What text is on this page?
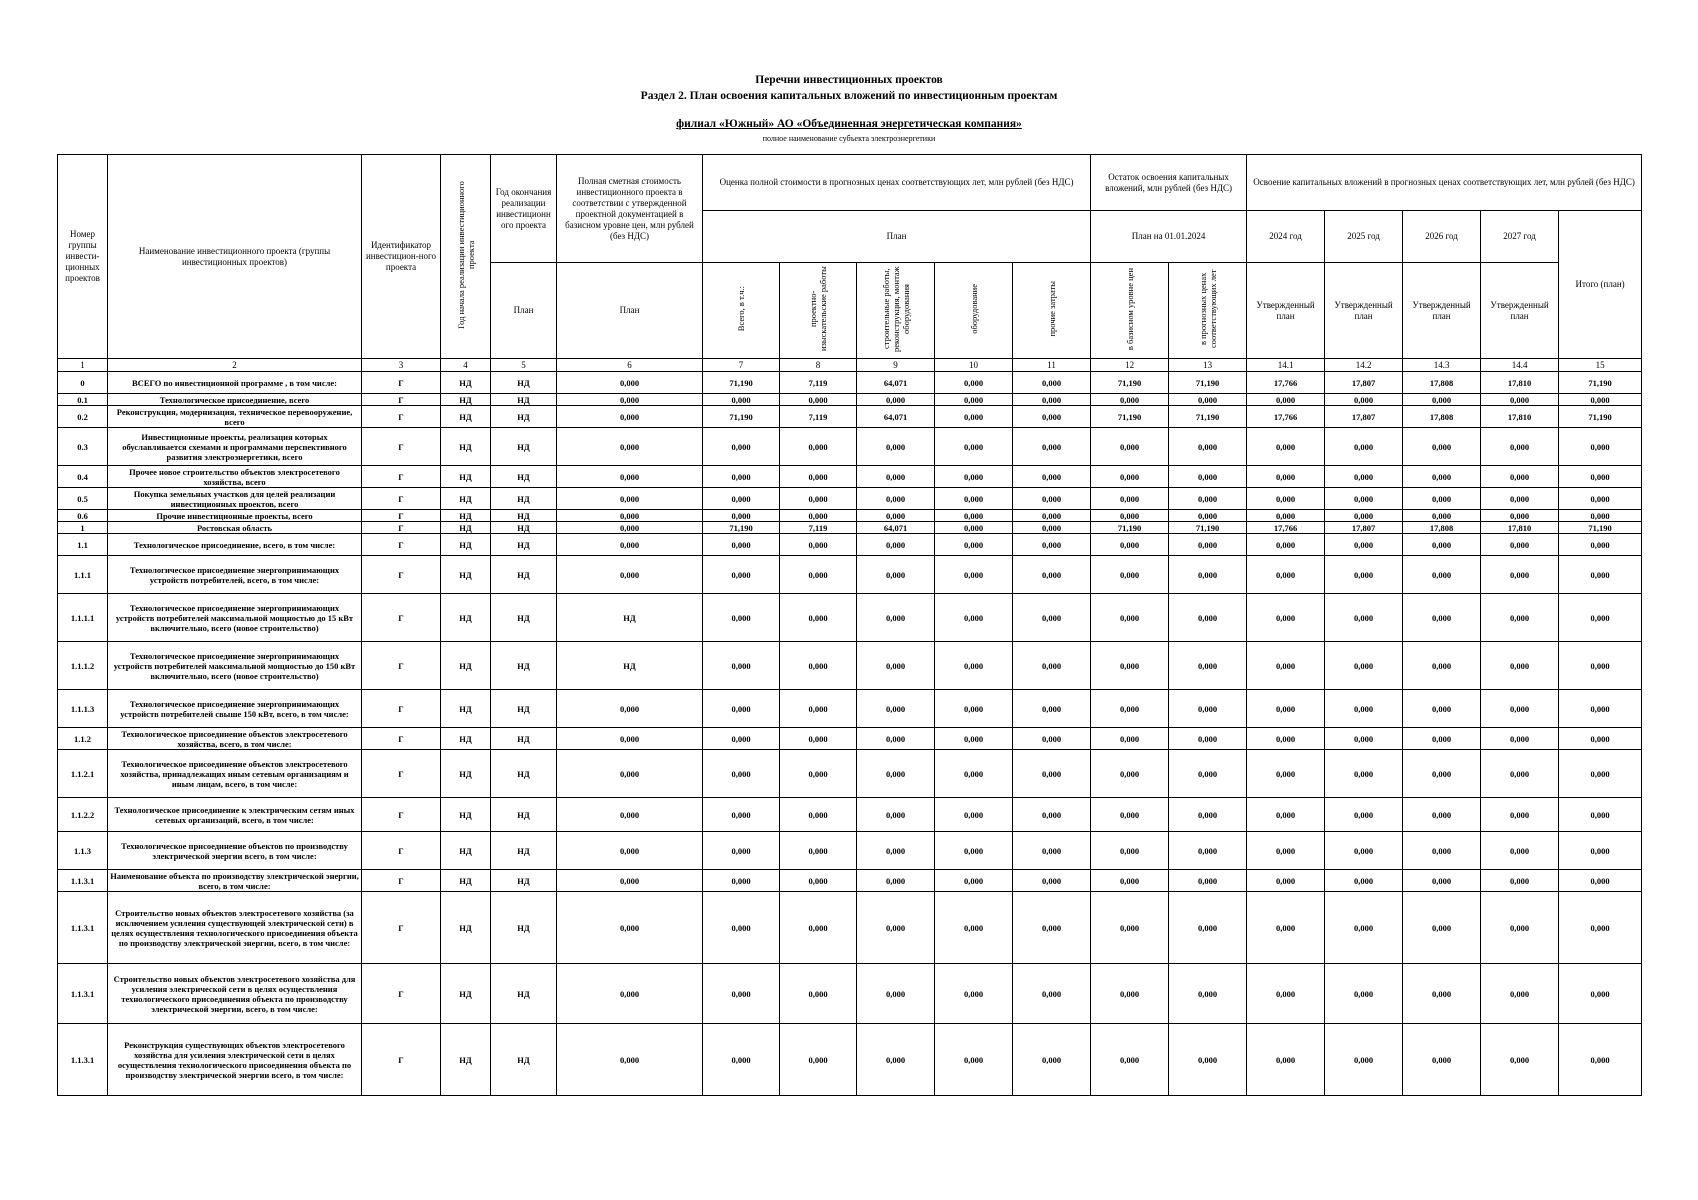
Перечни инвестиционных проектов
Раздел 2. План освоения капитальных вложений по инвестиционным проектам
филиал «Южный» АО «Объединенная энергетическая компания»
полное наименование субъекта электроэнергетики
Номер группы инвести-ционных проектов	Наименование инвестиционного проекта (группы инвестиционных проектов)	Идентификатор инвестицион-ного проекта	Год начала реализации инвестиционного проекта	Год окончания реализации инвестиционн ого проекта	Полная сметная стоимость инвестиционного проекта в соответствии с утвержденной проектной документацией в базисном уровне цен, млн рублей (без НДС)	Оценка полной стоимости в прогнозных ценах соответствующих лет, млн рублей (без НДС)					Остаток освоения капитальных вложений, млн рублей (без НДС)		Освоение капитальных вложений в прогнозных ценах соответствующих лет, млн рублей (без НДС)				
						План					План на 01.01.2024		2024 год	2025 год	2026 год	2027 год	Итого (план)
				План	План	Всего, в т.ч.:	проектно-изыскательские работы	строительные работы, реконструкция, монтаж оборудования	оборудование	прочие затраты	в базисном уровне цен	в прогнозных ценах соответствующих лет	Утвержденный план	Утвержденный план	Утвержденный план	Утвержденный план	
1	2	3	4	5	6	7	8	9	10	11	12	13	14.1	14.2	14.3	14.4	15
0	ВСЕГО по инвестиционной программе , в том числе:	Г	НД	НД	0,000	71,190	7,119	64,071	0,000	0,000	71,190	71,190	17,766	17,807	17,808	17,810	71,190
0.1	Технологическое присоединение, всего	Г	НД	НД	0,000	0,000	0,000	0,000	0,000	0,000	0,000	0,000	0,000	0,000	0,000	0,000	0,000
0.2	Реконструкция, модернизация, техническое перевооружение, всего	Г	НД	НД	0,000	71,190	7,119	64,071	0,000	0,000	71,190	71,190	17,766	17,807	17,808	17,810	71,190
0.3	Инвестиционные проекты, реализация которых обуславливается схемами и программами перспективного развития электроэнергетики, всего	Г	НД	НД	0,000	0,000	0,000	0,000	0,000	0,000	0,000	0,000	0,000	0,000	0,000	0,000	0,000
0.4	Прочее новое строительство объектов электросетевого хозяйства, всего	Г	НД	НД	0,000	0,000	0,000	0,000	0,000	0,000	0,000	0,000	0,000	0,000	0,000	0,000	0,000
0.5	Покупка земельных участков для целей реализации инвестиционных проектов, всего	Г	НД	НД	0,000	0,000	0,000	0,000	0,000	0,000	0,000	0,000	0,000	0,000	0,000	0,000	0,000
0.6	Прочие инвестиционные проекты, всего	Г	НД	НД	0,000	0,000	0,000	0,000	0,000	0,000	0,000	0,000	0,000	0,000	0,000	0,000	0,000
1	Ростовская область	Г	НД	НД	0,000	71,190	7,119	64,071	0,000	0,000	71,190	71,190	17,766	17,807	17,808	17,810	71,190
1.1	Технологическое присоединение, всего, в том числе:	Г	НД	НД	0,000	0,000	0,000	0,000	0,000	0,000	0,000	0,000	0,000	0,000	0,000	0,000	0,000
1.1.1	Технологическое присоединение энергопринимающих устройств потребителей, всего, в том числе:	Г	НД	НД	0,000	0,000	0,000	0,000	0,000	0,000	0,000	0,000	0,000	0,000	0,000	0,000	0,000
1.1.1.1	Технологическое присоединение энергопринимающих устройств потребителей максимальной мощностью до 15 кВт включительно, всего (новое строительство)	Г	НД	НД	НД	0,000	0,000	0,000	0,000	0,000	0,000	0,000	0,000	0,000	0,000	0,000	0,000
1.1.1.2	Технологическое присоединение энергопринимающих устройств потребителей максимальной мощностью до 150 кВт включительно, всего (новое строительство)	Г	НД	НД	НД	0,000	0,000	0,000	0,000	0,000	0,000	0,000	0,000	0,000	0,000	0,000	0,000
1.1.1.3	Технологическое присоединение энергопринимающих устройств потребителей свыше 150 кВт, всего, в том числе:	Г	НД	НД	0,000	0,000	0,000	0,000	0,000	0,000	0,000	0,000	0,000	0,000	0,000	0,000	0,000
1.1.2	Технологическое присоединение объектов электросетевого хозяйства, всего, в том числе:	Г	НД	НД	0,000	0,000	0,000	0,000	0,000	0,000	0,000	0,000	0,000	0,000	0,000	0,000	0,000
1.1.2.1	Технологическое присоединение объектов электросетевого хозяйства, принадлежащих иным сетевым организациям и иным лицам, всего, в том числе:	Г	НД	НД	0,000	0,000	0,000	0,000	0,000	0,000	0,000	0,000	0,000	0,000	0,000	0,000	0,000
1.1.2.2	Технологическое присоединение к электрическим сетям иных сетевых организаций, всего, в том числе:	Г	НД	НД	0,000	0,000	0,000	0,000	0,000	0,000	0,000	0,000	0,000	0,000	0,000	0,000	0,000
1.1.3	Технологическое присоединение объектов по производству электрической энергии всего, в том числе:	Г	НД	НД	0,000	0,000	0,000	0,000	0,000	0,000	0,000	0,000	0,000	0,000	0,000	0,000	0,000
1.1.3.1	Наименование объекта по производству электрической энергии, всего, в том числе:	Г	НД	НД	0,000	0,000	0,000	0,000	0,000	0,000	0,000	0,000	0,000	0,000	0,000	0,000	0,000
1.1.3.1	Строительство новых объектов электросетевого хозяйства (за исключением усиления существующей электрической сети) в целях осуществления технологического присоединения объекта по производству электрической энергии, всего, в том числе:	Г	НД	НД	0,000	0,000	0,000	0,000	0,000	0,000	0,000	0,000	0,000	0,000	0,000	0,000	0,000
1.1.3.1	Строительство новых объектов электросетевого хозяйства для усиления электрической сети в целях осуществления технологического присоединения объекта по производству электрической энергии, всего, в том числе:	Г	НД	НД	0,000	0,000	0,000	0,000	0,000	0,000	0,000	0,000	0,000	0,000	0,000	0,000	0,000
1.1.3.1	Реконструкция существующих объектов электросетевого хозяйства для усиления электрической сети в целях осуществления технологического присоединения объекта по производству электрической энергии всего, в том числе:	Г	НД	НД	0,000	0,000	0,000	0,000	0,000	0,000	0,000	0,000	0,000	0,000	0,000	0,000	0,000
